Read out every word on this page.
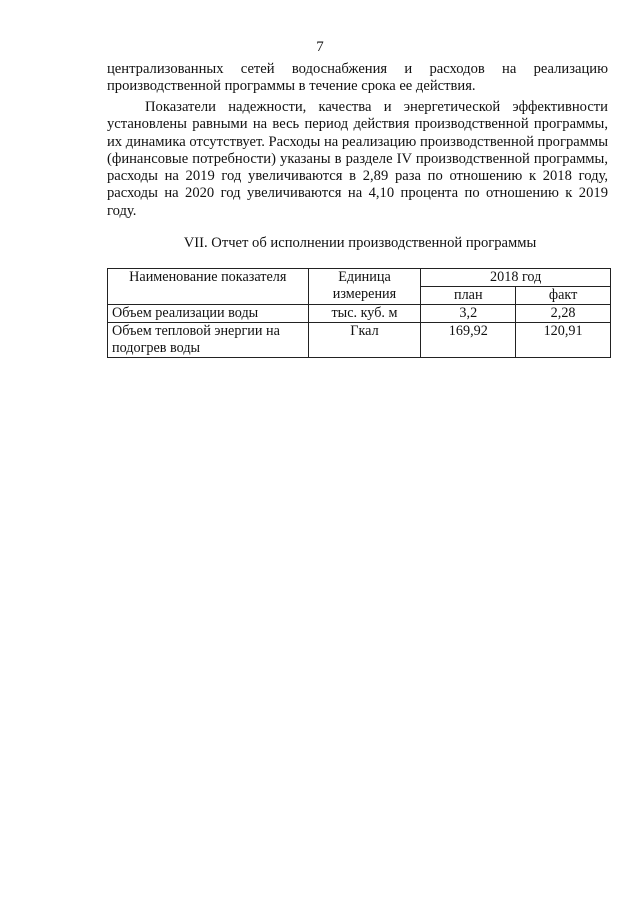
7
централизованных сетей водоснабжения и расходов на реализацию производственной программы в течение срока ее действия.
Показатели надежности, качества и энергетической эффективности установлены равными на весь период действия производственной программы, их динамика отсутствует. Расходы на реализацию производственной программы (финансовые потребности) указаны в разделе IV производственной программы, расходы на 2019 год увеличиваются в 2,89 раза по отношению к 2018 году, расходы на 2020 год увеличиваются на 4,10 процента по отношению к 2019 году.
VII. Отчет об исполнении производственной программы
Наименование показателя	Единица измерения	2018 год	
		план	факт
Объем реализации воды	тыс. куб. м	3,2	2,28
Объем тепловой энергии на подогрев воды	Гкал	169,92	120,91
